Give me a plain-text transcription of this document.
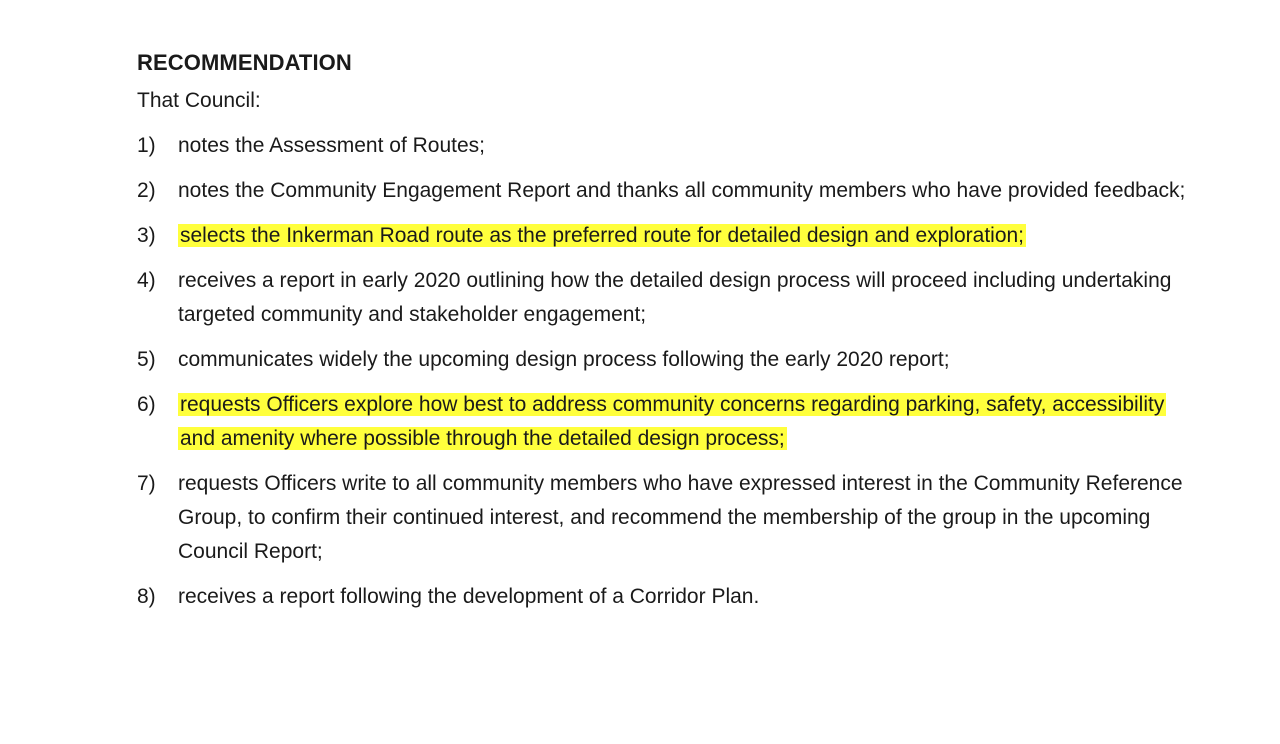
RECOMMENDATION
That Council:
1)	notes the Assessment of Routes;
2)	notes the Community Engagement Report and thanks all community members who have provided feedback;
3)	selects the Inkerman Road route as the preferred route for detailed design and exploration;
4)	receives a report in early 2020 outlining how the detailed design process will proceed including undertaking targeted community and stakeholder engagement;
5)	communicates widely the upcoming design process following the early 2020 report;
6)	requests Officers explore how best to address community concerns regarding parking, safety, accessibility and amenity where possible through the detailed design process;
7)	requests Officers write to all community members who have expressed interest in the Community Reference Group, to confirm their continued interest, and recommend the membership of the group in the upcoming Council Report;
8)	receives a report following the development of a Corridor Plan.
